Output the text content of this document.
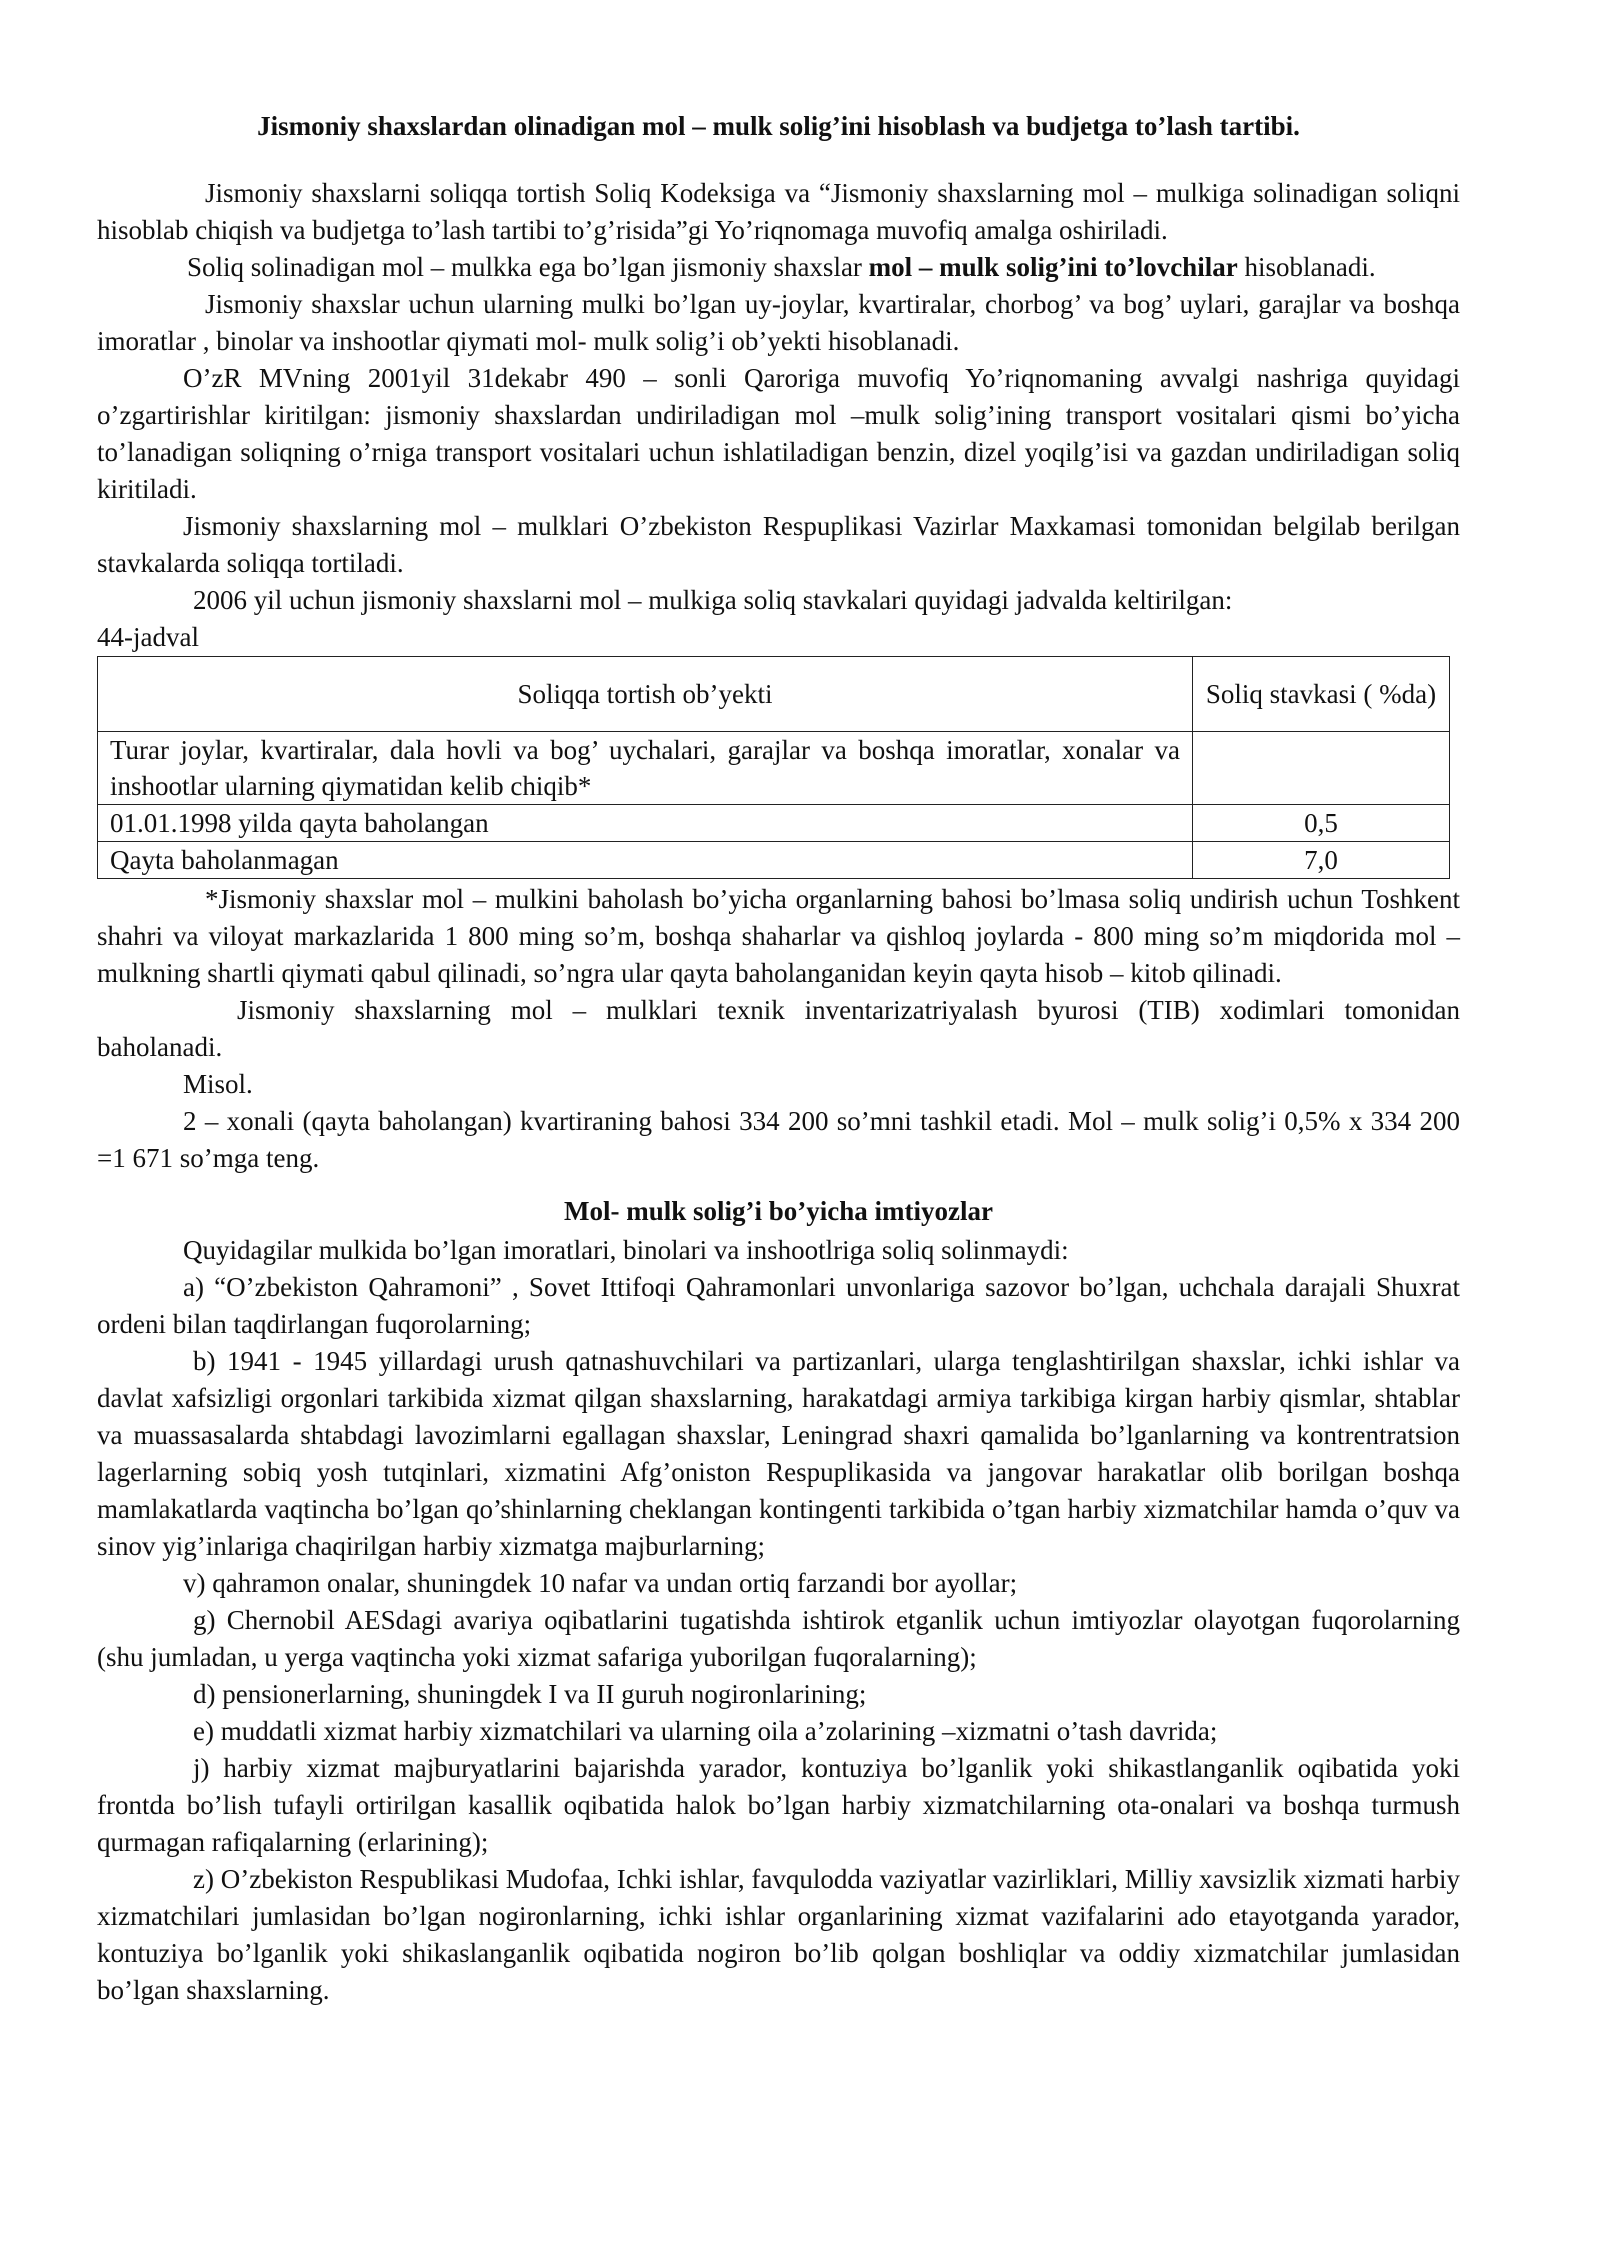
Jismoniy shaxslardan olinadigan mol – mulk solig’ini hisoblash va budjetga to’lash tartibi.

Jismoniy shaxslarni soliqqa tortish Soliq Kodeksiga va “Jismoniy shaxslarning mol – mulkiga solinadigan soliqni hisoblab chiqish va budjetga to’lash tartibi to’g’risida”gi Yo’riqnomaga muvofiq amalga oshiriladi.

Soliq solinadigan mol – mulkka ega bo’lgan jismoniy shaxslar mol – mulk solig’ini to’lovchilar hisoblanadi.

Jismoniy shaxslar uchun ularning mulki bo’lgan uy-joylar, kvartiralar, chorbog’ va bog’ uylari, garajlar va boshqa imoratlar , binolar va inshootlar qiymati mol- mulk solig’i ob’yekti hisoblanadi.

O’zR MVning 2001yil 31dekabr 490 – sonli Qaroriga muvofiq Yo’riqnomaning avvalgi nashriga quyidagi o’zgartirishlar kiritilgan: jismoniy shaxslardan undiriladigan mol –mulk solig’ining transport vositalari qismi bo’yicha to’lanadigan soliqning o’rniga transport vositalari uchun ishlatiladigan benzin, dizel yoqilg’isi va gazdan undiriladigan soliq kiritiladi.

Jismoniy shaxslarning mol – mulklari O’zbekiston Respuplikasi Vazirlar Maxkamasi tomonidan belgilab berilgan stavkalarda soliqqa tortiladi.

2006 yil uchun jismoniy shaxslarni mol – mulkiga soliq stavkalari quyidagi jadvalda keltirilgan:

44-jadval

Soliqqa tortish ob’yekti	Soliq stavkasi ( %da)
Turar joylar, kvartiralar, dala hovli va bog’ uychalari, garajlar va boshqa imoratlar, xonalar va inshootlar ularning qiymatidan kelib chiqib*	
01.01.1998 yilda qayta baholangan	0,5
Qayta baholanmagan	7,0

*Jismoniy shaxslar mol – mulkini baholash bo’yicha organlarning bahosi bo’lmasa soliq undirish uchun Toshkent shahri va viloyat markazlarida 1 800 ming so’m, boshqa shaharlar va qishloq joylarda - 800 ming so’m miqdorida mol – mulkning shartli qiymati qabul qilinadi, so’ngra ular qayta baholanganidan keyin qayta hisob – kitob qilinadi.

Jismoniy shaxslarning mol – mulklari texnik inventarizatriyalash byurosi (TIB) xodimlari tomonidan baholanadi.

Misol.

2 – xonali (qayta baholangan) kvartiraning bahosi 334 200 so’mni tashkil etadi. Mol – mulk solig’i 0,5% x 334 200 =1 671 so’mga teng.

Mol- mulk solig’i bo’yicha imtiyozlar

Quyidagilar mulkida bo’lgan imoratlari, binolari va inshootlriga soliq solinmaydi:

a) “O’zbekiston Qahramoni” , Sovet Ittifoqi Qahramonlari unvonlariga sazovor bo’lgan, uchchala darajali Shuxrat ordeni bilan taqdirlangan fuqorolarning;

b) 1941 - 1945 yillardagi urush qatnashuvchilari va partizanlari, ularga tenglashtirilgan shaxslar, ichki ishlar va davlat xafsizligi orgonlari tarkibida xizmat qilgan shaxslarning, harakatdagi armiya tarkibiga kirgan harbiy qismlar, shtablar va muassasalarda shtabdagi lavozimlarni egallagan shaxslar, Leningrad shaxri qamalida bo’lganlarning va kontrentratsion lagerlarning sobiq yosh tutqinlari, xizmatini Afg’oniston Respuplikasida va jangovar harakatlar olib borilgan boshqa mamlakatlarda vaqtincha bo’lgan qo’shinlarning cheklangan kontingenti tarkibida o’tgan harbiy xizmatchilar hamda o’quv va sinov yig’inlariga chaqirilgan harbiy xizmatga majburlarning;

v) qahramon onalar, shuningdek 10 nafar va undan ortiq farzandi bor ayollar;

g) Chernobil AESdagi avariya oqibatlarini tugatishda ishtirok etganlik uchun imtiyozlar olayotgan fuqorolarning (shu jumladan, u yerga vaqtincha yoki xizmat safariga yuborilgan fuqoralarning);

d) pensionerlarning, shuningdek I va II guruh nogironlarining;

e) muddatli xizmat harbiy xizmatchilari va ularning oila a’zolarining –xizmatni o’tash davrida;

j) harbiy xizmat majburyatlarini bajarishda yarador, kontuziya bo’lganlik yoki shikastlanganlik oqibatida yoki frontda bo’lish tufayli ortirilgan kasallik oqibatida halok bo’lgan harbiy xizmatchilarning ota-onalari va boshqa turmush qurmagan rafiqalarning (erlarining);

z) O’zbekiston Respublikasi Mudofaa, Ichki ishlar, favqulodda vaziyatlar vazirliklari, Milliy xavsizlik xizmati harbiy xizmatchilari jumlasidan bo’lgan nogironlarning, ichki ishlar organlarining xizmat vazifalarini ado etayotganda yarador, kontuziya bo’lganlik yoki shikaslanganlik oqibatida nogiron bo’lib qolgan boshliqlar va oddiy xizmatchilar jumlasidan bo’lgan shaxslarning.
